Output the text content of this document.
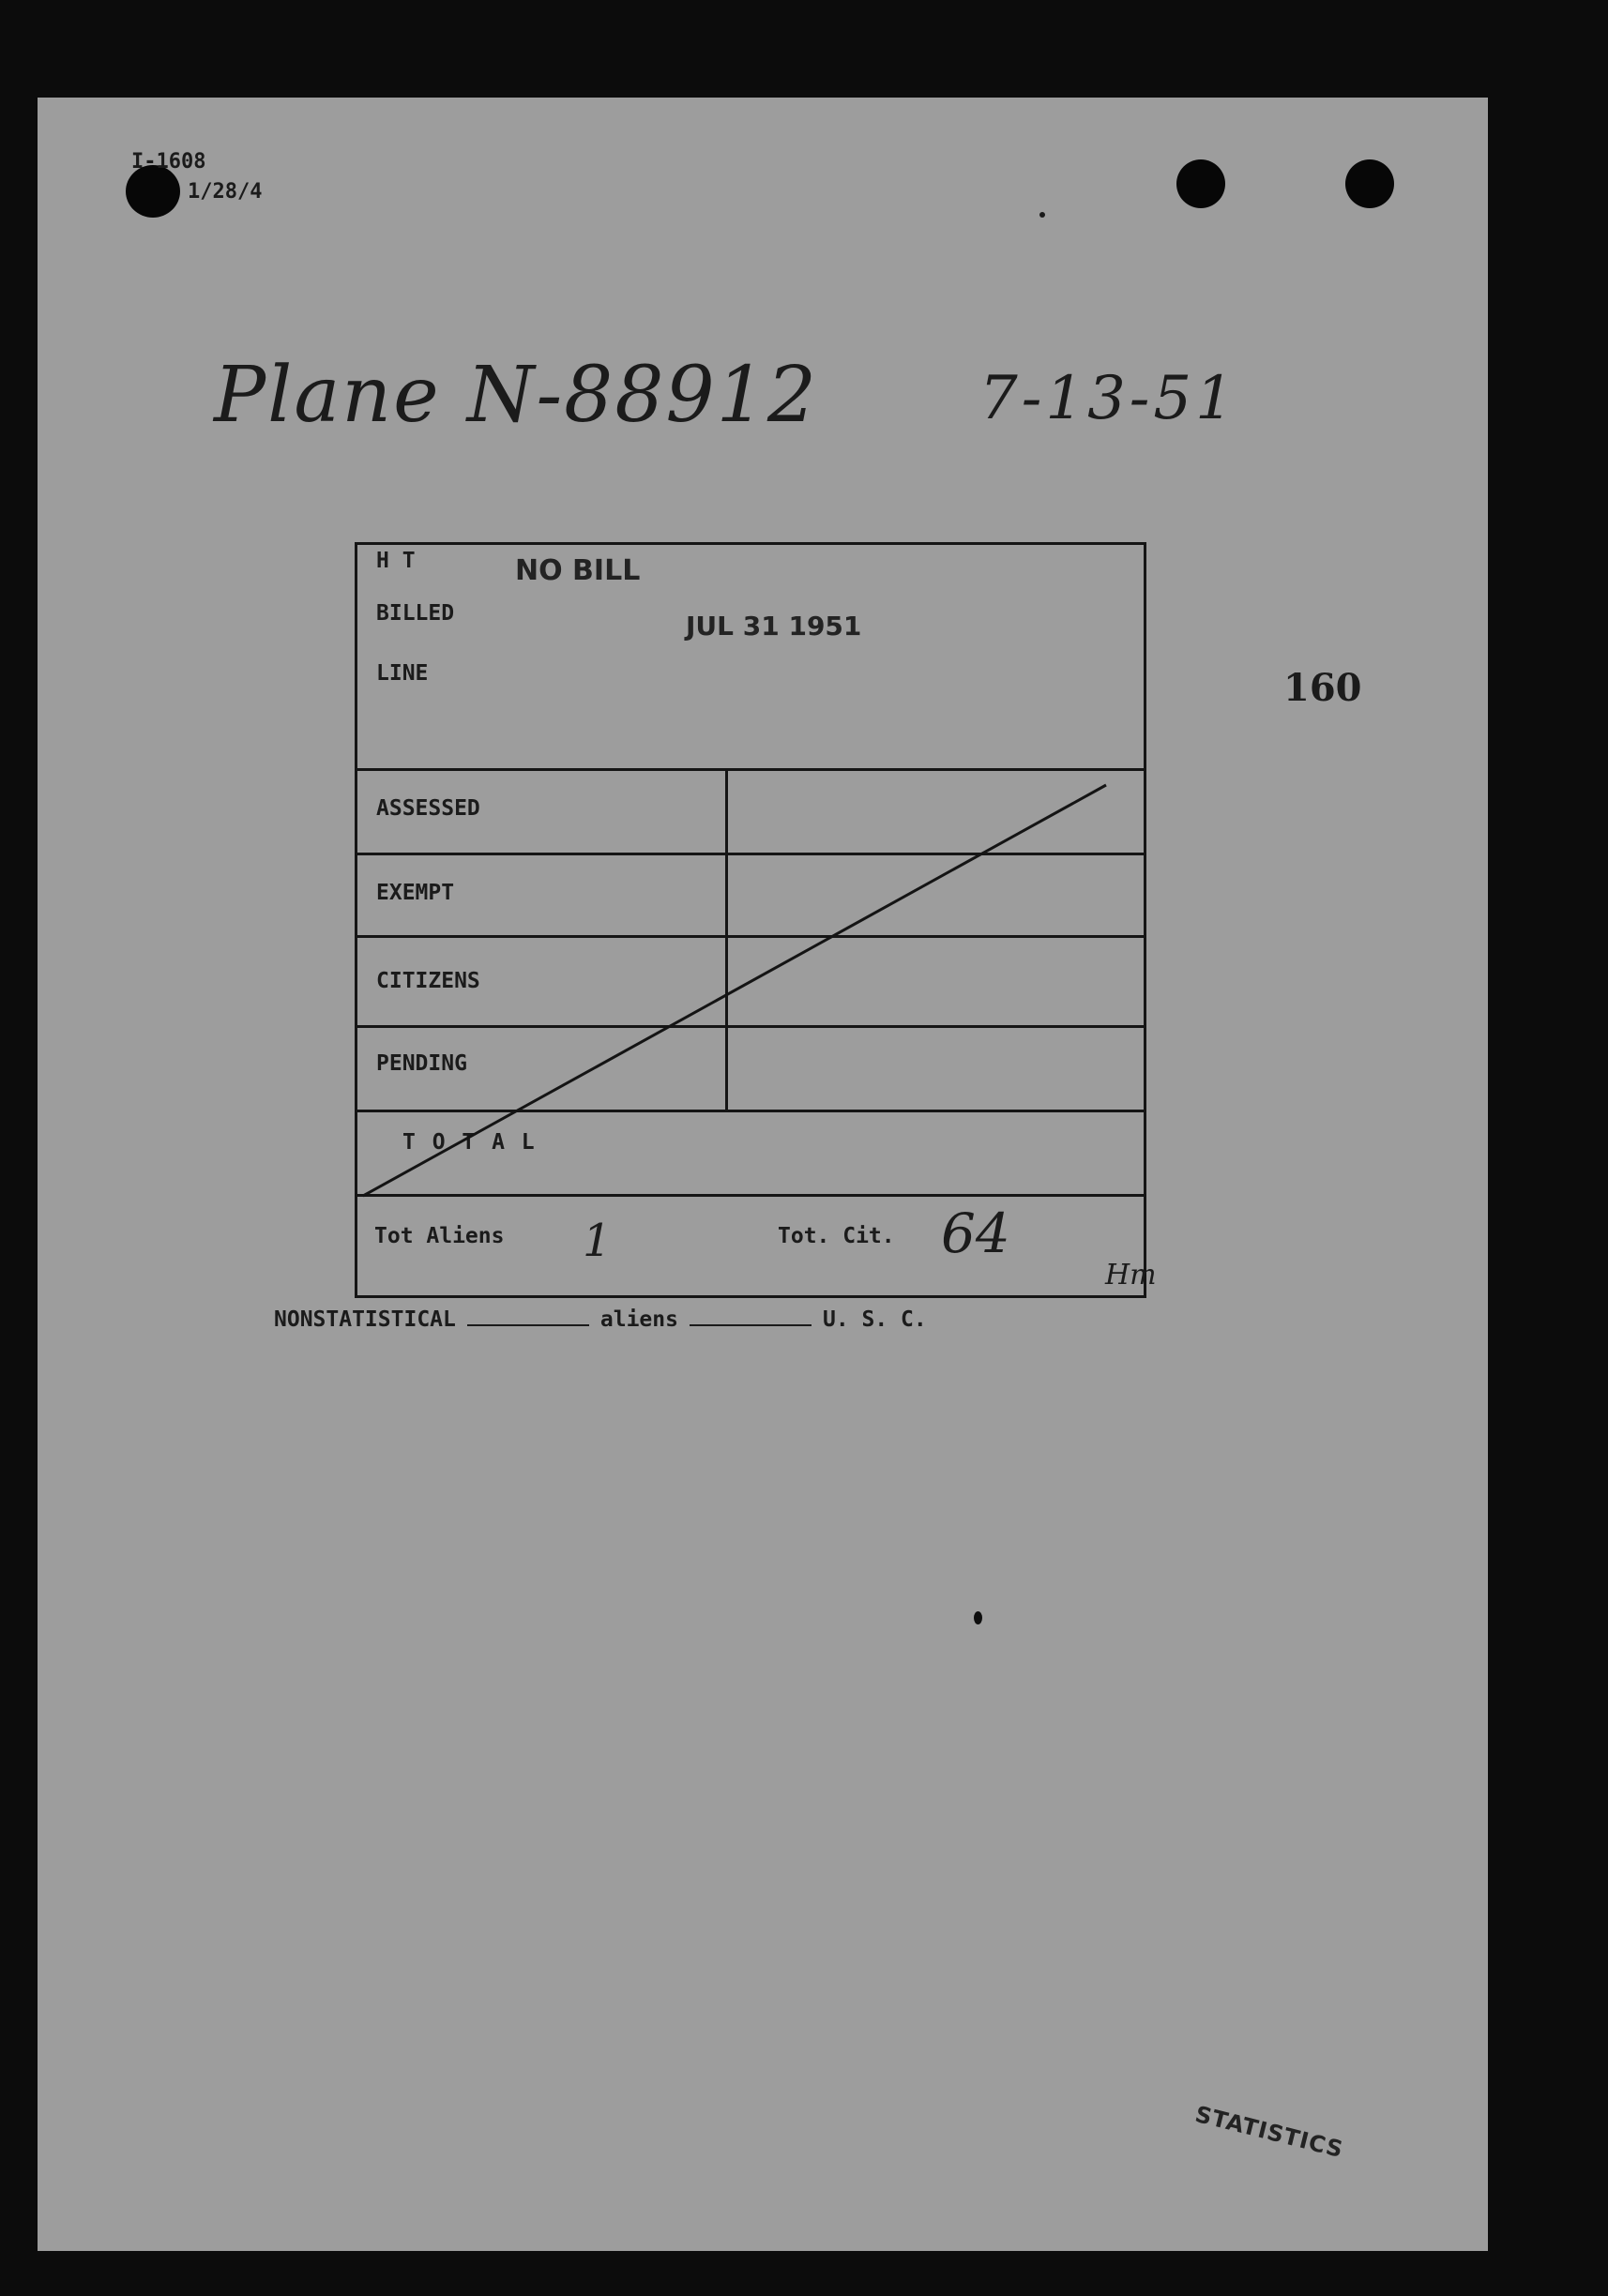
I-1608
1/28/4
Plane N-88912	7-13-51
160
H T	NO BILL
BILLED	JUL 31 1951
LINE
ASSESSED
EXEMPT
CITIZENS
PENDING
T O T A L
Tot Aliens 1	Tot. Cit. 64
Hm
NONSTATISTICAL	aliens	U. S. C.
STATISTICS
